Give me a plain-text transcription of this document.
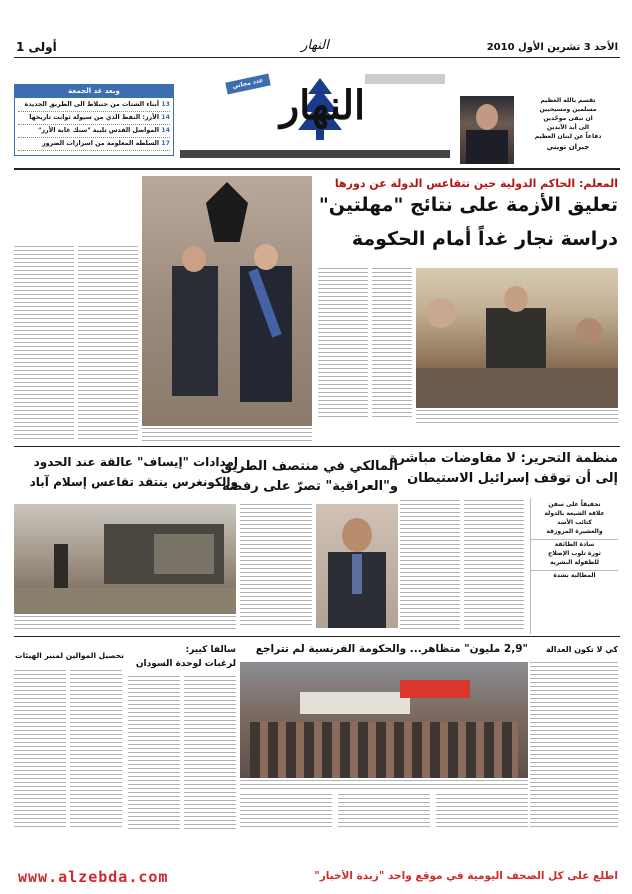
الأحد 3 تشرين الأول 2010
النهار
أولى 1
وبعد غد الجمعة
13 أبناء الشتات من جنبلاط الى الطريق الجديدة
14 الأرز: النفط الذي من سيولة ثوابت تاريخها
14 المواصل القدس تلبية "سنك غابة الأرز"
17 السلطة المعلومة من اسرارات الضرور
النهار
عدد مجاني
تقسم بالله العظيم
مسلمين ومسيحيين
ان نبقى موحّدين
الى أبد الآبدين
دفاعاً عن لبنان العظيم
جبران تويني
المعلم: الحاكم الدولية حين تتقاعس الدولة عن دورها
تعليق الأزمة على نتائج "مهلتين"
دراسة نجار غداً أمام الحكومة
منظمة التحرير: لا مفاوضات مباشرة
إلى أن توقف إسرائيل الاستيطان
المالكي في منتصف الطريق
و"العراقية" تصرّ على رفضه
إمدادات "إيساف" عالقة عند الحدود
والكونغرس ينتقد تقاعس إسلام آباد
تحقيقاً على سفن
علاقة الشيعة بالدولة
كتائب الأسد
والعشيرة المروزقة
سادة الطائفة
ثورة تلوب الإصلاح
للطفولة البشرية
المطالبة بشدة
"2,9 مليون" متظاهر... والحكومة الفرنسية لم تتراجع
سالفا كيير:
لرغبات لوحدة السودان
تحصيل الموالين لمنبر الهيئات
كي لا تكون العدالة
www.alzebda.com	اطلع على كل الصحف اليومية في موقع واحد "زبدة الأخبار"
